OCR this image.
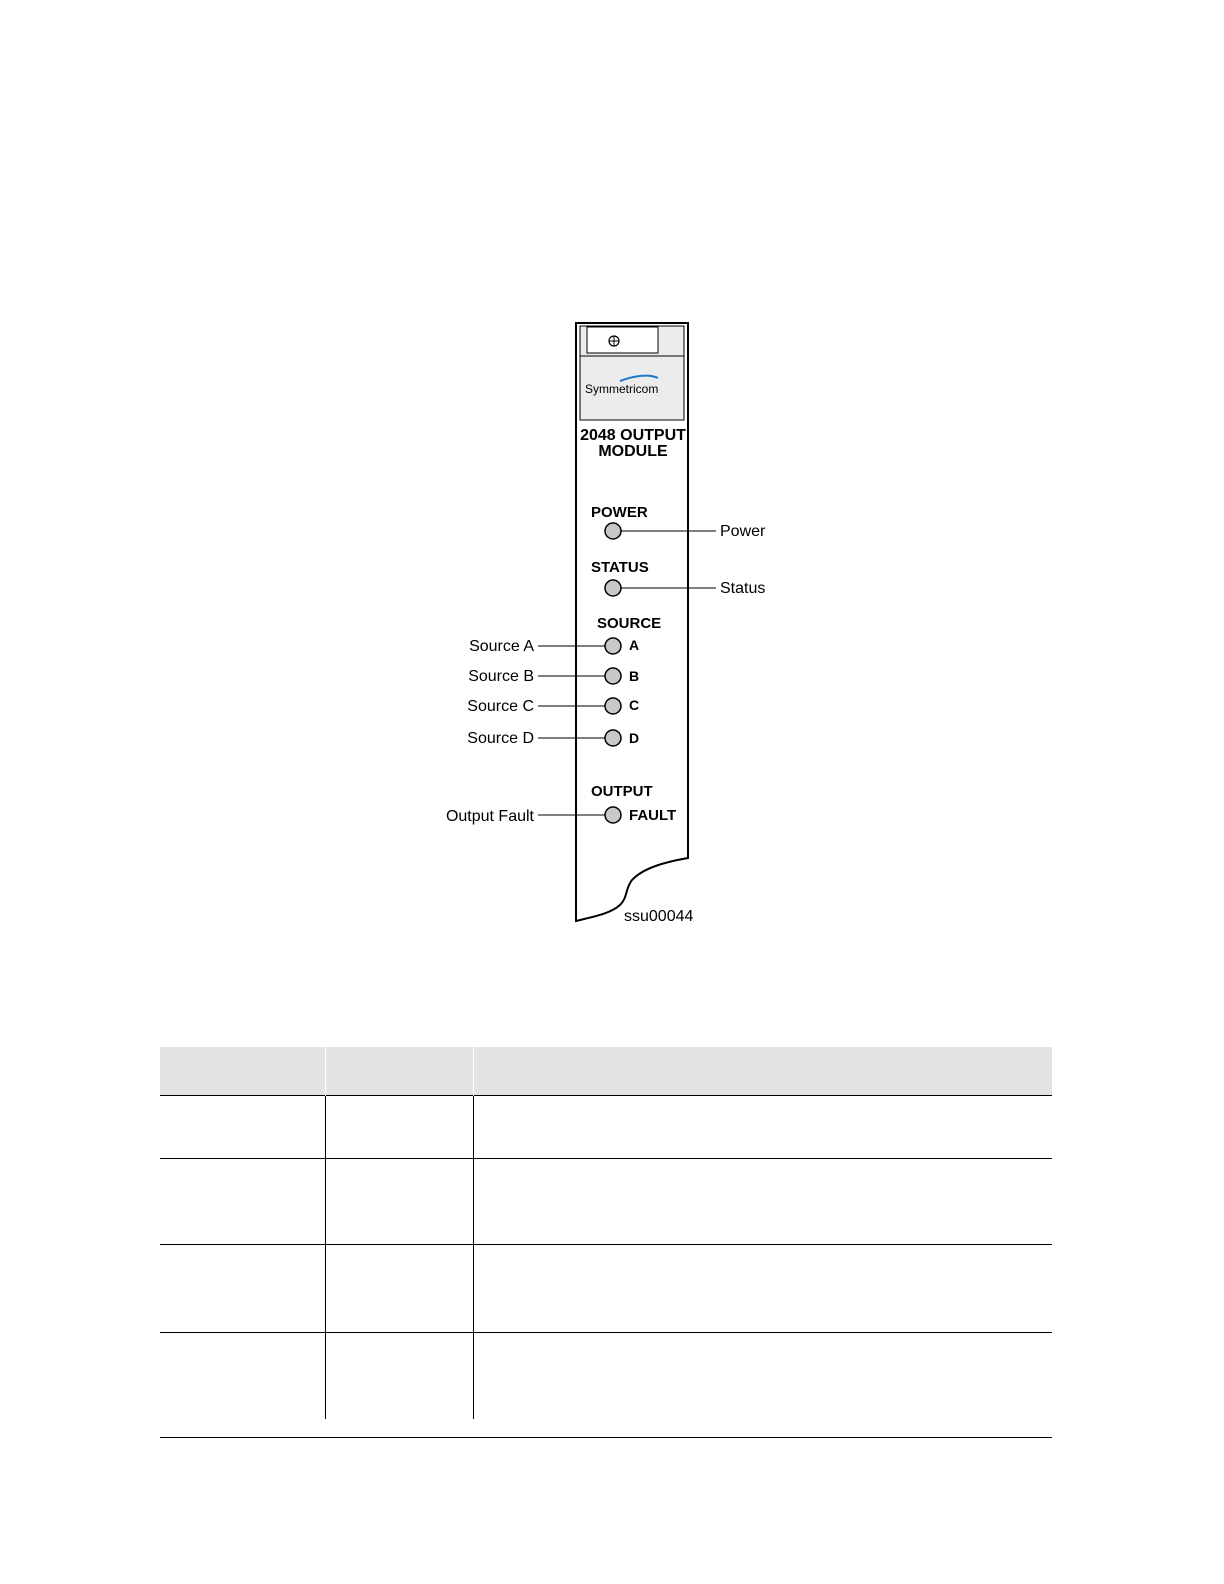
Symmetricom
2048 OUTPUT
MODULE
POWER
Power
STATUS
Status
SOURCE
A
Source A
B
Source B
C
Source C
D
Source D
OUTPUT
FAULT
Output Fault
ssu00044
